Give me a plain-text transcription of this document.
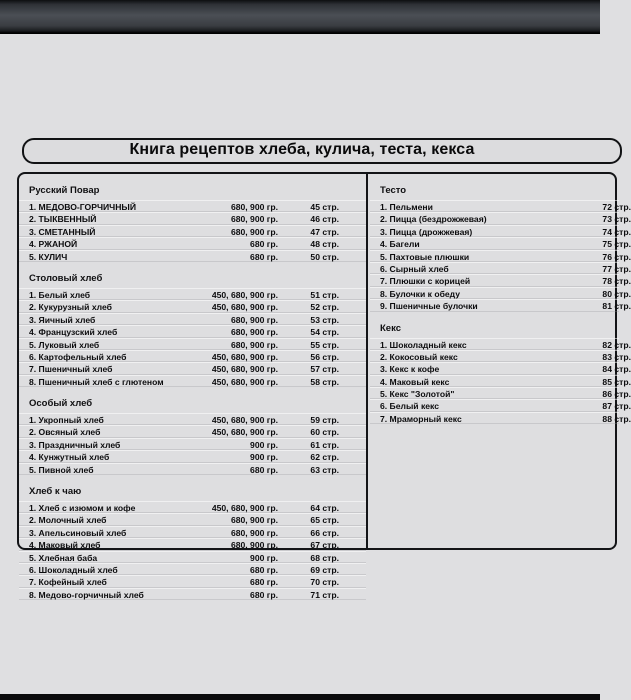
Книга рецептов хлеба, кулича, теста, кекса
Русский Повар
1. МЕДОВО-ГОРЧИЧНЫЙ	680, 900 гр.	45 стр.
2. ТЫКВЕННЫЙ	680, 900 гр.	46 стр.
3. СМЕТАННЫЙ	680, 900 гр.	47 стр.
4. РЖАНОЙ	680 гр.	48 стр.
5. КУЛИЧ	680 гр.	50 стр.
Столовый хлеб
1. Белый хлеб	450, 680, 900 гр.	51 стр.
2. Кукурузный хлеб	450, 680, 900 гр.	52 стр.
3. Яичный хлеб	680, 900 гр.	53 стр.
4. Французский хлеб	680, 900 гр.	54 стр.
5. Луковый хлеб	680, 900 гр.	55 стр.
6. Картофельный хлеб	450, 680, 900 гр.	56 стр.
7. Пшеничный хлеб	450, 680, 900 гр.	57 стр.
8. Пшеничный хлеб с глютеном	450, 680, 900 гр.	58 стр.
Особый хлеб
1. Укропный хлеб	450, 680, 900 гр.	59 стр.
2. Овсяный хлеб	450, 680, 900 гр.	60 стр.
3. Праздничный хлеб	900 гр.	61 стр.
4. Кунжутный хлеб	900 гр.	62 стр.
5. Пивной хлеб	680 гр.	63 стр.
Хлеб к чаю
1. Хлеб с изюмом и кофе	450, 680, 900 гр.	64 стр.
2. Молочный хлеб	680, 900 гр.	65 стр.
3. Апельсиновый хлеб	680, 900 гр.	66 стр.
4. Маковый хлеб	680, 900 гр.	67 стр.
5. Хлебная баба	900 гр.	68 стр.
6. Шоколадный хлеб	680 гр.	69 стр.
7. Кофейный хлеб	680 гр.	70 стр.
8. Медово-горчичный хлеб	680 гр.	71 стр.
Тесто
1. Пельмени	72 стр.
2. Пицца (бездрожжевая)	73 стр.
3. Пицца (дрожжевая)	74 стр.
4. Багели	75 стр.
5. Пахтовые плюшки	76 стр.
6. Сырный хлеб	77 стр.
7. Плюшки с корицей	78 стр.
8. Булочки к обеду	80 стр.
9. Пшеничные булочки	81 стр.
Кекс
1. Шоколадный кекс	82 стр.
2. Кокосовый кекс	83 стр.
3. Кекс к кофе	84 стр.
4. Маковый кекс	85 стр.
5. Кекс "Золотой"	86 стр.
6. Белый кекс	87 стр.
7. Мраморный кекс	88 стр.
